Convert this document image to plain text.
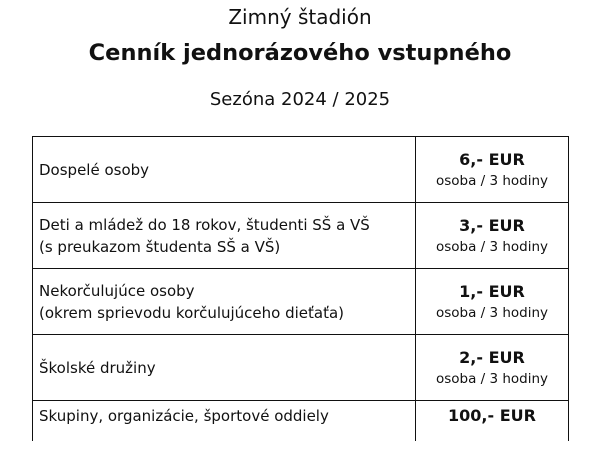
Zimný štadión
Cenník jednorázového vstupného
Sezóna 2024 / 2025
Dospelé osoby
6,- EUR
osoba / 3 hodiny
Deti a mládež do 18 rokov, študenti SŠ a VŠ
(s preukazom študenta SŠ a VŠ)
3,- EUR
osoba / 3 hodiny
Nekorčulujúce osoby
(okrem sprievodu korčulujúceho dieťaťa)
1,- EUR
osoba / 3 hodiny
Školské družiny
2,- EUR
osoba / 3 hodiny
Skupiny, organizácie, športové oddiely	100,- EUR
